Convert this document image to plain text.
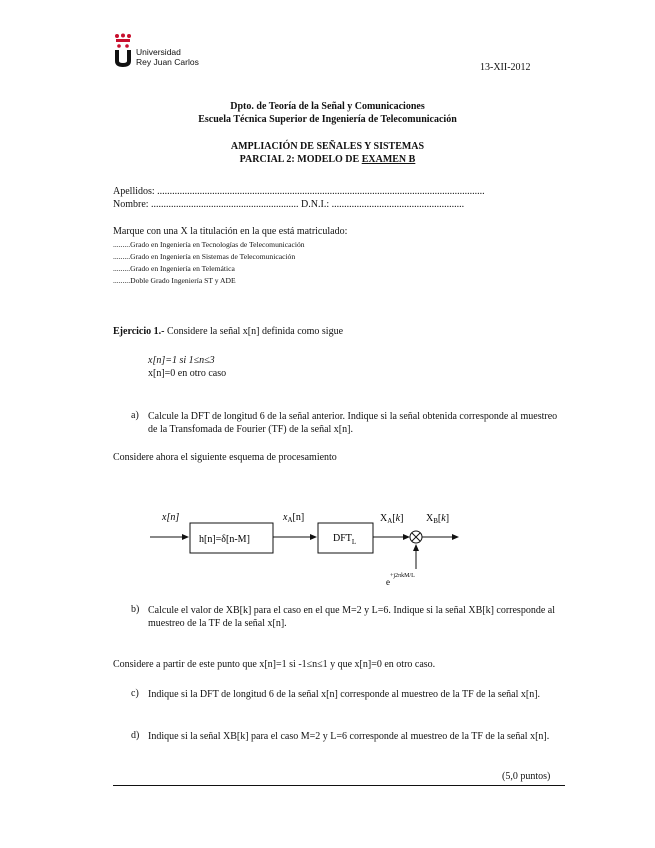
Universidad
Rey Juan Carlos	13-XII-2012
Dpto. de Teoría de la Señal y Comunicaciones
Escuela Técnica Superior de Ingeniería de Telecomunicación
AMPLIACIÓN DE SEÑALES Y SISTEMAS
PARCIAL 2: MODELO DE EXAMEN B
Apellidos: ...................................................................................................................................
Nombre: ........................................................... D.N.I.: .....................................................
Marque con una X la titulación en la que está matriculado:
.........Grado en Ingeniería en Tecnologías de Telecomunicación
.........Grado en Ingeniería en Sistemas de Telecomunicación
.........Grado en Ingeniería en Telemática
.........Doble Grado Ingeniería ST y ADE
Ejercicio 1.- Considere la señal x[n] definida como sigue
x[n]=1 si 1≤n≤3
x[n]=0 en otro caso
a) Calcule la DFT de longitud 6 de la señal anterior. Indique si la señal obtenida corresponde al muestreo de la Transfomada de Fourier (TF) de la señal x[n].
Considere ahora el siguiente esquema de procesamiento
x[n]
h[n]=δ[n-M]
$x_A[n]$
$DFT_L$
$X_A[k]$ $X_B[k]$
$e^{+j2\pi kM/L}$
b) Calcule el valor de XB[k] para el caso en el que M=2 y L=6. Indique si la señal XB[k] corresponde al muestreo de la TF de la señal x[n].
Considere a partir de este punto que x[n]=1 si -1≤n≤1 y que x[n]=0 en otro caso.
c) Indique si la DFT de longitud 6 de la señal x[n] corresponde al muestreo de la TF de la señal x[n].
d) Indique si la señal XB[k] para el caso M=2 y L=6 corresponde al muestreo de la TF de la señal x[n].
(5,0 puntos)
